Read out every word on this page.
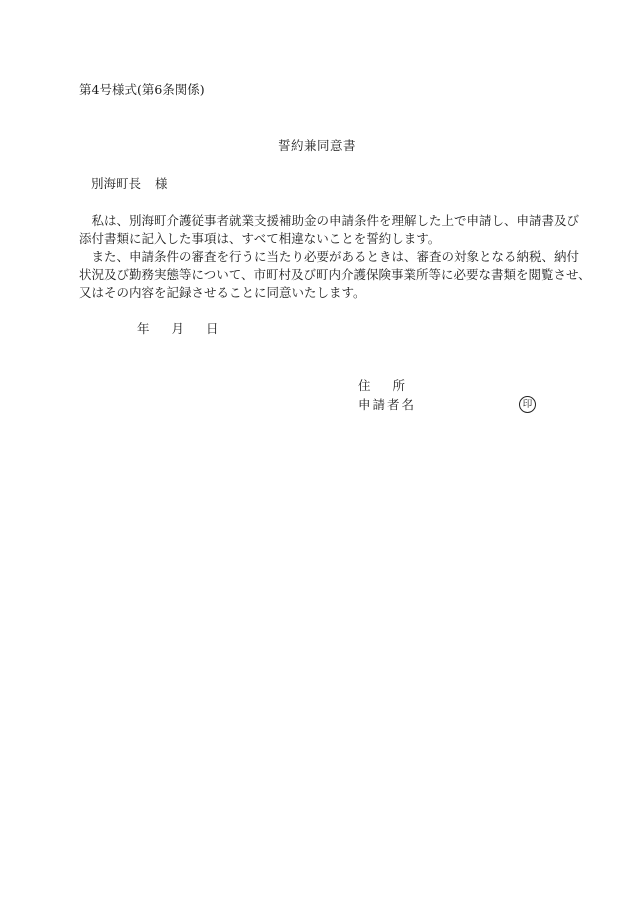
第4号様式(第6条関係)
誓約兼同意書
別海町長 様
　私は、別海町介護従事者就業支援補助金の申請条件を理解した上で申請し、申請書及び
添付書類に記入した事項は、すべて相違ないことを誓約します。
　また、申請条件の審査を行うに当たり必要があるときは、審査の対象となる納税、納付
状況及び勤務実態等について、市町村及び町内介護保険事業所等に必要な書類を閲覧させ、
又はその内容を記録させることに同意いたします。
年 月 日
住 所
申請者名	印
